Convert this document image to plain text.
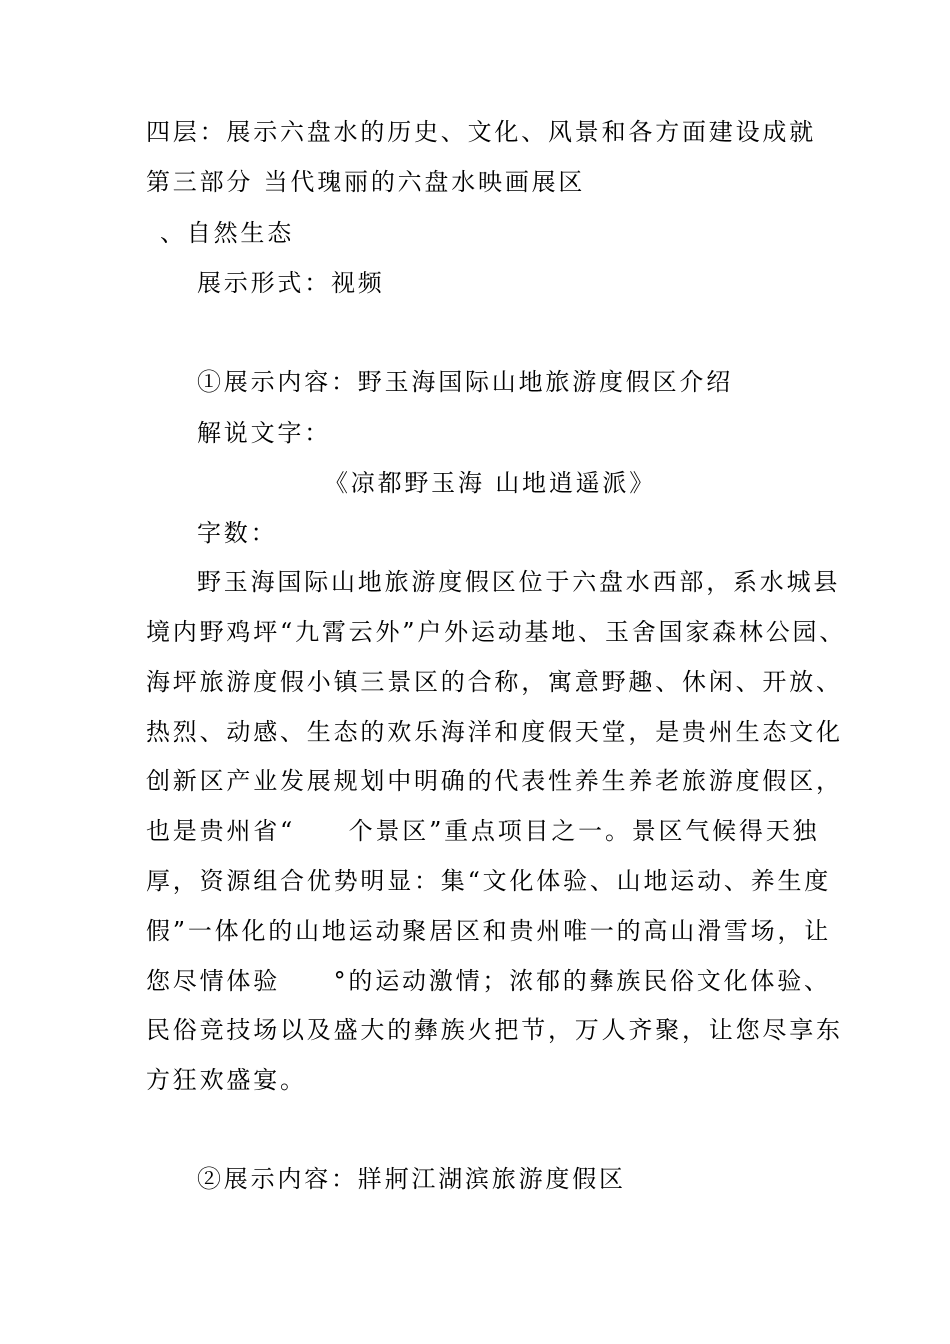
四层：展示六盘水的历史、文化、风景和各方面建设成就
第三部分 当代瑰丽的六盘水映画展区
、自然生态
展示形式：视频
①展示内容：野玉海国际山地旅游度假区介绍
解说文字：
《凉都野玉海 山地逍遥派》
字数：
野玉海国际山地旅游度假区位于六盘水西部，系水城县
境内野鸡坪“九霄云外”户外运动基地、玉舍国家森林公园、
海坪旅游度假小镇三景区的合称，寓意野趣、休闲、开放、
热烈、动感、生态的欢乐海洋和度假天堂，是贵州生态文化
创新区产业发展规划中明确的代表性养生养老旅游度假区，
也是贵州省“　　个景区”重点项目之一。景区气候得天独
厚，资源组合优势明显：集“文化体验、山地运动、养生度
假”一体化的山地运动聚居区和贵州唯一的高山滑雪场，让
您尽情体验　　°的运动激情；浓郁的彝族民俗文化体验、
民俗竞技场以及盛大的彝族火把节，万人齐聚，让您尽享东
方狂欢盛宴。
②展示内容：牂牁江湖滨旅游度假区
